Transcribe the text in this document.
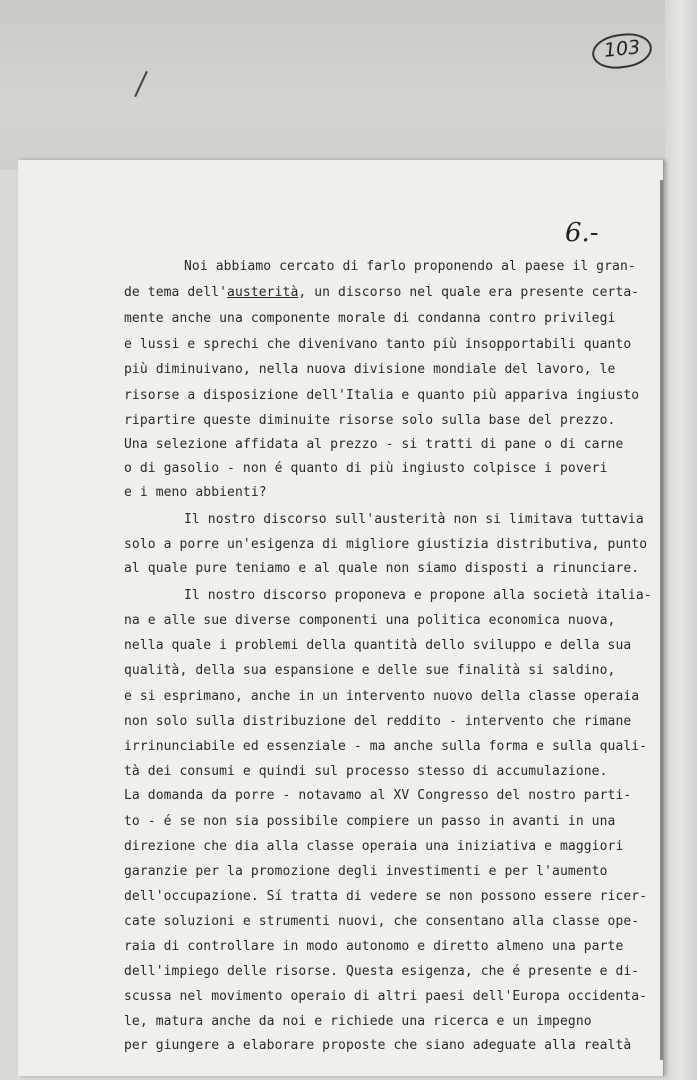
103
6.-
Noi abbiamo cercato di farlo proponendo al paese il gran-
de tema dell'austerità, un discorso nel quale era presente certa-
mente anche una componente morale di condanna contro privilegi
e lussi e sprechi che divenivano tanto più insopportabili quanto
più diminuivano, nella nuova divisione mondiale del lavoro, le
risorse a disposizione dell'Italia e quanto più appariva ingiusto
ripartire queste diminuite risorse solo sulla base del prezzo.
Una selezione affidata al prezzo - si tratti di pane o di carne
o di gasolio - non é quanto di più ingiusto colpisce i poveri
e i meno abbienti?
Il nostro discorso sull'austerità non si limitava tuttavia
solo a porre un'esigenza di migliore giustizia distributiva, punto
al quale pure teniamo e al quale non siamo disposti a rinunciare.
Il nostro discorso proponeva e propone alla società italia-
na e alle sue diverse componenti una politica economica nuova,
nella quale i problemi della quantità dello sviluppo e della sua
qualità, della sua espansione e delle sue finalità si saldino,
e si esprimano, anche in un intervento nuovo della classe operaia
non solo sulla distribuzione del reddito - intervento che rimane
irrinunciabile ed essenziale - ma anche sulla forma e sulla quali-
tà dei consumi e quindi sul processo stesso di accumulazione.
La domanda da porre - notavamo al XV Congresso del nostro parti-
to - é se non sia possibile compiere un passo in avanti in una
direzione che dia alla classe operaia una iniziativa e maggiori
garanzie per la promozione degli investimenti e per l'aumento
dell'occupazione. Sí tratta di vedere se non possono essere ricer-
cate soluzioni e strumenti nuovi, che consentano alla classe ope-
raia di controllare in modo autonomo e diretto almeno una parte
dell'impiego delle risorse. Questa esigenza, che é presente e di-
scussa nel movimento operaio di altri paesi dell'Europa occidenta-
le, matura anche da noi e richiede una ricerca e un impegno
per giungere a elaborare proposte che siano adeguate alla realtà
